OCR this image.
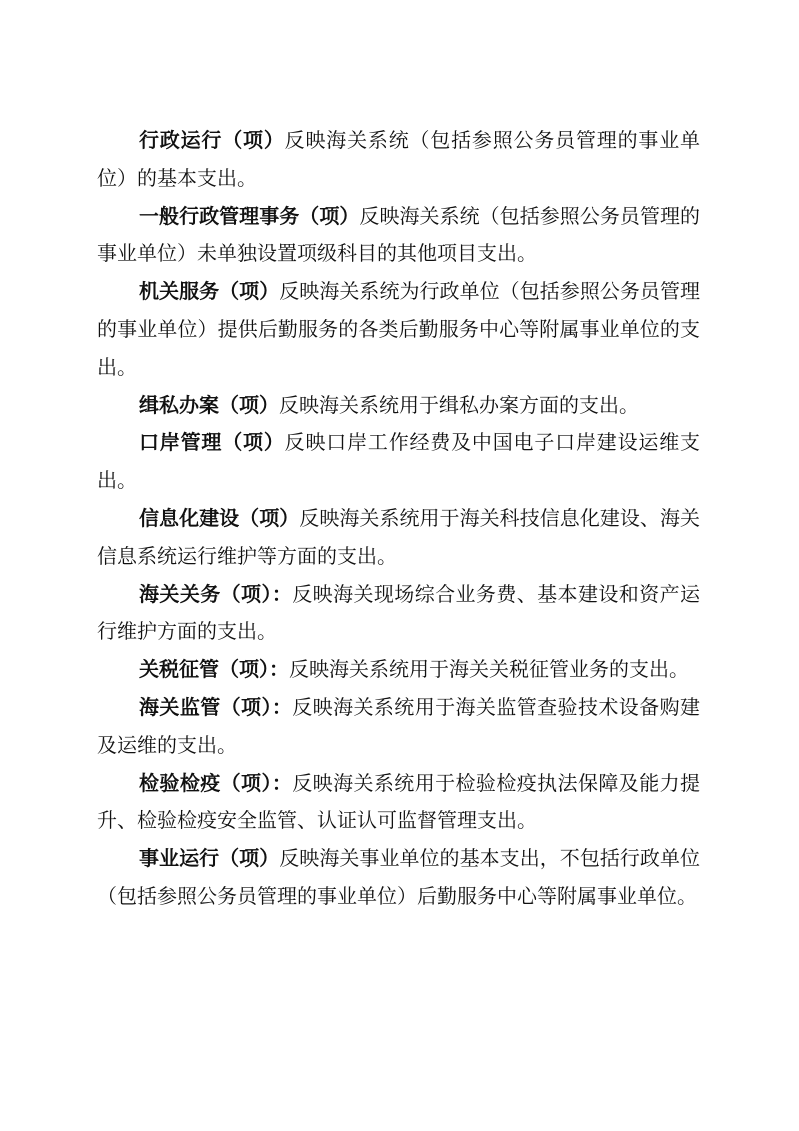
行政运行（项）反映海关系统（包括参照公务员管理的事业单位）的基本支出。

一般行政管理事务（项）反映海关系统（包括参照公务员管理的事业单位）未单独设置项级科目的其他项目支出。

机关服务（项）反映海关系统为行政单位（包括参照公务员管理的事业单位）提供后勤服务的各类后勤服务中心等附属事业单位的支出。

缉私办案（项）反映海关系统用于缉私办案方面的支出。

口岸管理（项）反映口岸工作经费及中国电子口岸建设运维支出。

信息化建设（项）反映海关系统用于海关科技信息化建设、海关信息系统运行维护等方面的支出。

海关关务（项）：反映海关现场综合业务费、基本建设和资产运行维护方面的支出。

关税征管（项）：反映海关系统用于海关关税征管业务的支出。

海关监管（项）：反映海关系统用于海关监管查验技术设备购建及运维的支出。

检验检疫（项）：反映海关系统用于检验检疫执法保障及能力提升、检验检疫安全监管、认证认可监督管理支出。

事业运行（项）反映海关事业单位的基本支出，不包括行政单位（包括参照公务员管理的事业单位）后勤服务中心等附属事业单位。
